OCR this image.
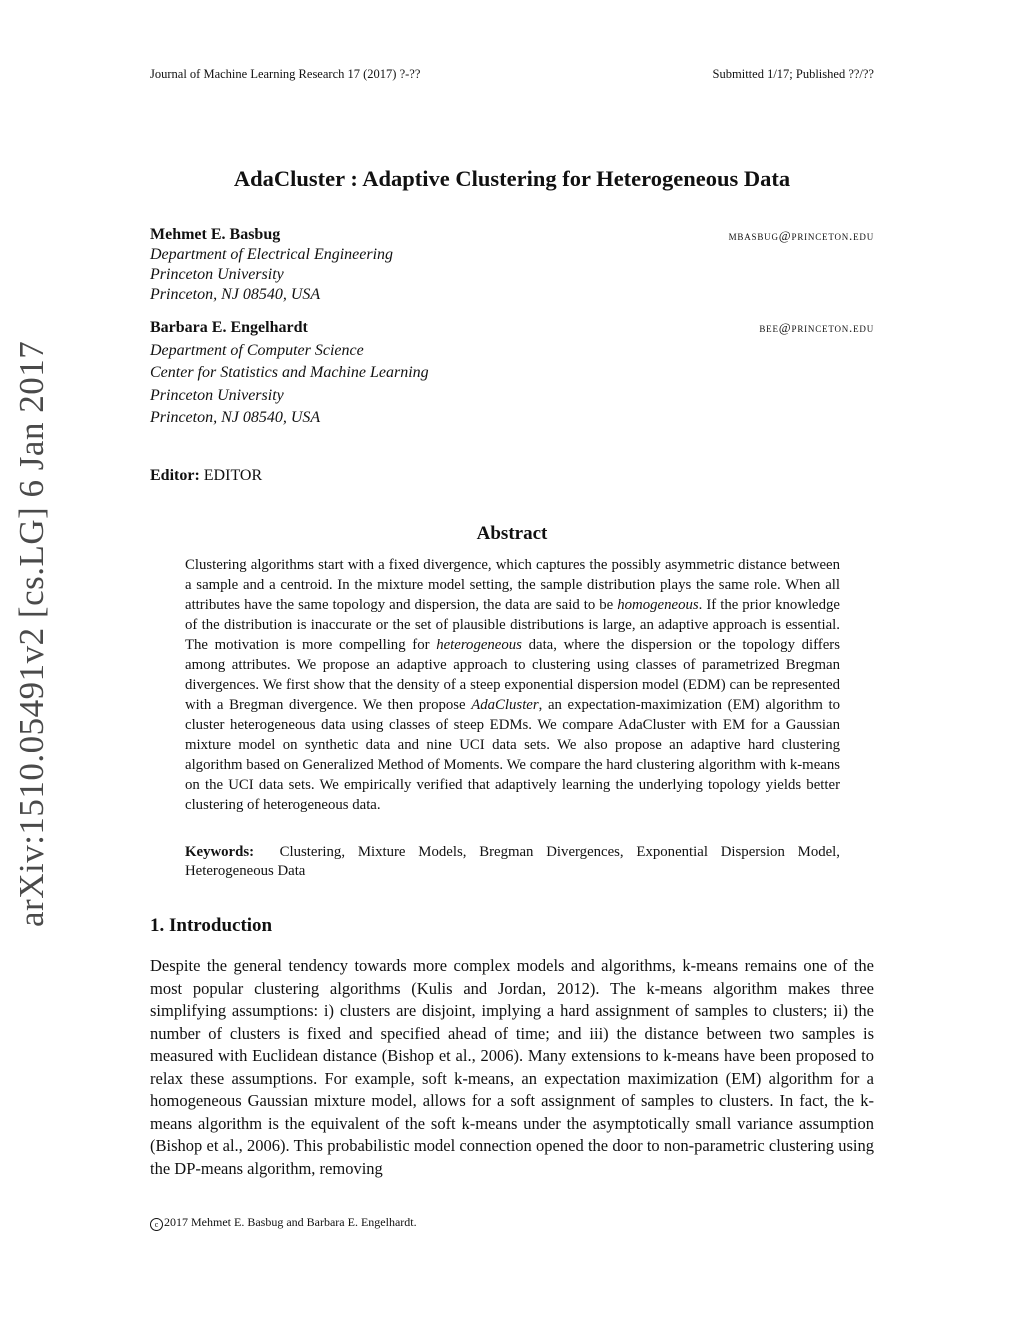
Journal of Machine Learning Research 17 (2017) ?-??	Submitted 1/17; Published ??/??
arXiv:1510.05491v2 [cs.LG] 6 Jan 2017
AdaCluster : Adaptive Clustering for Heterogeneous Data
Mehmet E. Basbug
Department of Electrical Engineering
Princeton University
Princeton, NJ 08540, USA
mbasbug@princeton.edu
Barbara E. Engelhardt
Department of Computer Science
Center for Statistics and Machine Learning
Princeton University
Princeton, NJ 08540, USA
bee@princeton.edu
Editor: EDITOR
Abstract
Clustering algorithms start with a fixed divergence, which captures the possibly asymmetric distance between a sample and a centroid. In the mixture model setting, the sample distribution plays the same role. When all attributes have the same topology and dispersion, the data are said to be homogeneous. If the prior knowledge of the distribution is inaccurate or the set of plausible distributions is large, an adaptive approach is essential. The motivation is more compelling for heterogeneous data, where the dispersion or the topology differs among attributes. We propose an adaptive approach to clustering using classes of parametrized Bregman divergences. We first show that the density of a steep exponential dispersion model (EDM) can be represented with a Bregman divergence. We then propose AdaCluster, an expectation-maximization (EM) algorithm to cluster heterogeneous data using classes of steep EDMs. We compare AdaCluster with EM for a Gaussian mixture model on synthetic data and nine UCI data sets. We also propose an adaptive hard clustering algorithm based on Generalized Method of Moments. We compare the hard clustering algorithm with k-means on the UCI data sets. We empirically verified that adaptively learning the underlying topology yields better clustering of heterogeneous data.
Keywords: Clustering, Mixture Models, Bregman Divergences, Exponential Dispersion Model, Heterogeneous Data
1. Introduction
Despite the general tendency towards more complex models and algorithms, k-means remains one of the most popular clustering algorithms (Kulis and Jordan, 2012). The k-means algorithm makes three simplifying assumptions: i) clusters are disjoint, implying a hard assignment of samples to clusters; ii) the number of clusters is fixed and specified ahead of time; and iii) the distance between two samples is measured with Euclidean distance (Bishop et al., 2006). Many extensions to k-means have been proposed to relax these assumptions. For example, soft k-means, an expectation maximization (EM) algorithm for a homogeneous Gaussian mixture model, allows for a soft assignment of samples to clusters. In fact, the k-means algorithm is the equivalent of the soft k-means under the asymptotically small variance assumption (Bishop et al., 2006). This probabilistic model connection opened the door to non-parametric clustering using the DP-means algorithm, removing
c 2017 Mehmet E. Basbug and Barbara E. Engelhardt.
